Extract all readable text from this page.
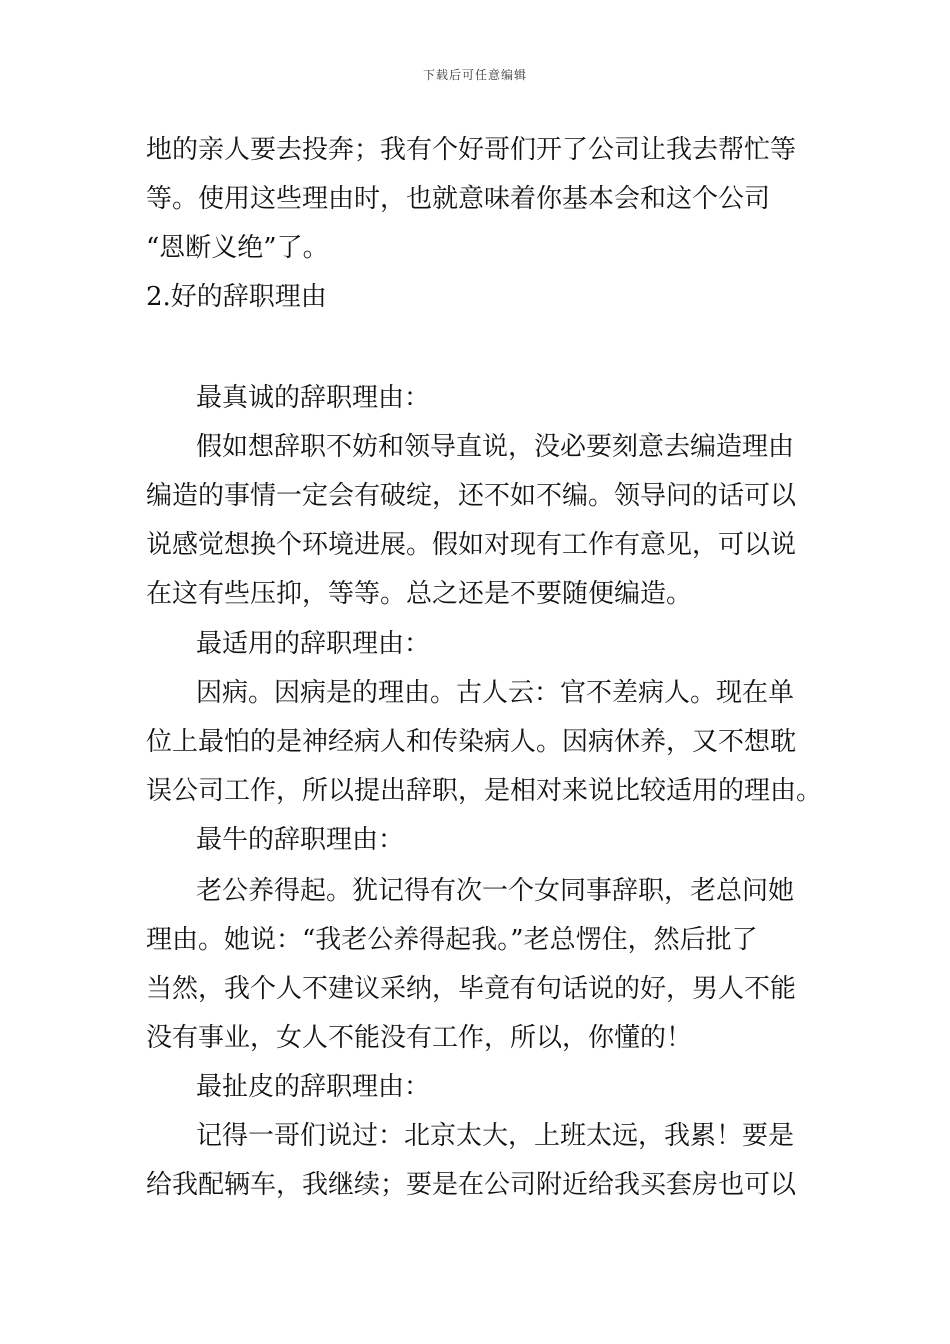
下载后可任意编辑
地的亲人要去投奔；我有个好哥们开了公司让我去帮忙等
等。使用这些理由时，也就意味着你基本会和这个公司
“恩断义绝”了。
2.好的辞职理由
最真诚的辞职理由：
假如想辞职不妨和领导直说，没必要刻意去编造理由
编造的事情一定会有破绽，还不如不编。领导问的话可以
说感觉想换个环境进展。假如对现有工作有意见，可以说
在这有些压抑，等等。总之还是不要随便编造。
最适用的辞职理由：
因病。因病是的理由。古人云：官不差病人。现在单
位上最怕的是神经病人和传染病人。因病休养，又不想耽
误公司工作，所以提出辞职，是相对来说比较适用的理由。
最牛的辞职理由：
老公养得起。犹记得有次一个女同事辞职，老总问她
理由。她说：“我老公养得起我。”老总愣住，然后批了
当然，我个人不建议采纳，毕竟有句话说的好，男人不能
没有事业，女人不能没有工作，所以，你懂的！
最扯皮的辞职理由：
记得一哥们说过：北京太大，上班太远，我累！要是
给我配辆车，我继续；要是在公司附近给我买套房也可以
